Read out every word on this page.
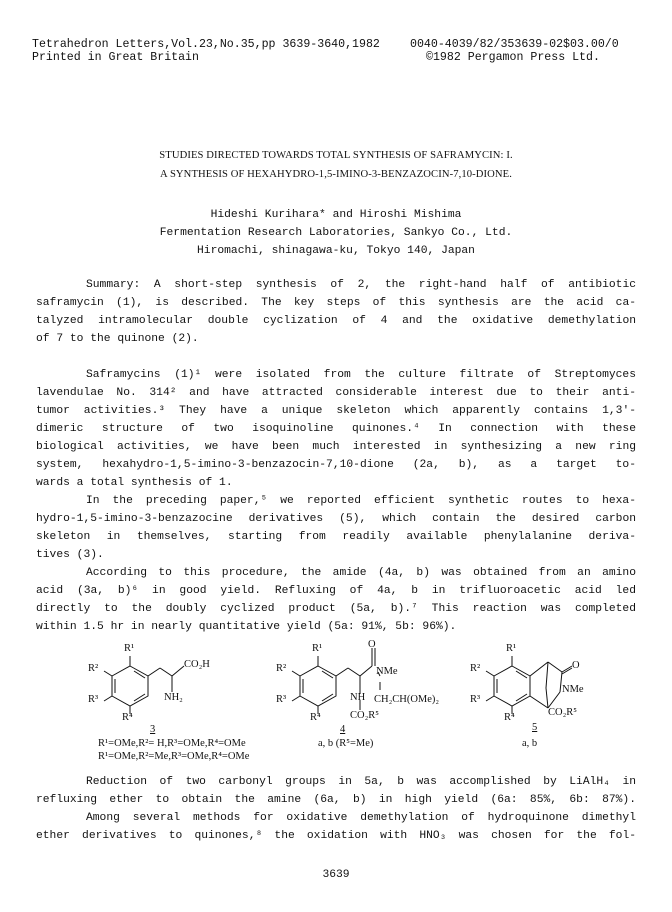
Tetrahedron Letters,Vol.23,No.35,pp 3639-3640,1982
Printed in Great Britain
0040-4039/82/353639-02$03.00/0
©1982 Pergamon Press Ltd.
STUDIES DIRECTED TOWARDS TOTAL SYNTHESIS OF SAFRAMYCIN: I.
A SYNTHESIS OF HEXAHYDRO-1,5-IMINO-3-BENZAZOCIN-7,10-DIONE.
Hideshi Kurihara* and Hiroshi Mishima
Fermentation Research Laboratories, Sankyo Co., Ltd.
Hiromachi, shinagawa-ku, Tokyo 140, Japan
Summary: A short-step synthesis of 2, the right-hand half of antibiotic
saframycin (1), is described. The key steps of this synthesis are the acid ca-
talyzed intramolecular double cyclization of 4 and the oxidative demethylation
of 7 to the quinone (2).
Saframycins (1)¹ were isolated from the culture filtrate of Streptomyces
lavendulae No. 314² and have attracted considerable interest due to their anti-
tumor activities.³ They have a unique skeleton which apparently contains 1,3'-
dimeric structure of two isoquinoline quinones.⁴ In connection with these
biological activities, we have been much interested in synthesizing a new ring
system, hexahydro-1,5-imino-3-benzazocin-7,10-dione (2a, b), as a target to-
wards a total synthesis of 1.
In the preceding paper,⁵ we reported efficient synthetic routes to hexa-
hydro-1,5-imino-3-benzazocine derivatives (5), which contain the desired carbon
skeleton in themselves, starting from readily available phenylalanine deriva-
tives (3).
According to this procedure, the amide (4a, b) was obtained from an amino
acid (3a, b)⁶ in good yield. Refluxing of 4a, b in trifluoroacetic acid led
directly to the doubly cyclized product (5a, b).⁷ This reaction was completed
within 1.5 hr in nearly quantitative yield (5a: 91%, 5b: 96%).
R¹
R²
R³
R⁴
CO₂H
NH₂
3
R¹=OMe,R²= H,R³=OMe,R⁴=OMe
R¹=OMe,R²=Me,R³=OMe,R⁴=OMe
R¹
R²
R³
R⁴
O
NMe
NH CH₂CH(OMe)₂
CO₂R⁵
4
a, b (R⁵=Me)
R¹
R²
R³
R⁴
O
NMe
CO₂R⁵
5
a, b
Reduction of two carbonyl groups in 5a, b was accomplished by LiAlH₄ in
refluxing ether to obtain the amine (6a, b) in high yield (6a: 85%, 6b: 87%).
Among several methods for oxidative demethylation of hydroquinone dimethyl
ether derivatives to quinones,⁸ the oxidation with HNO₃ was chosen for the fol-
3639
